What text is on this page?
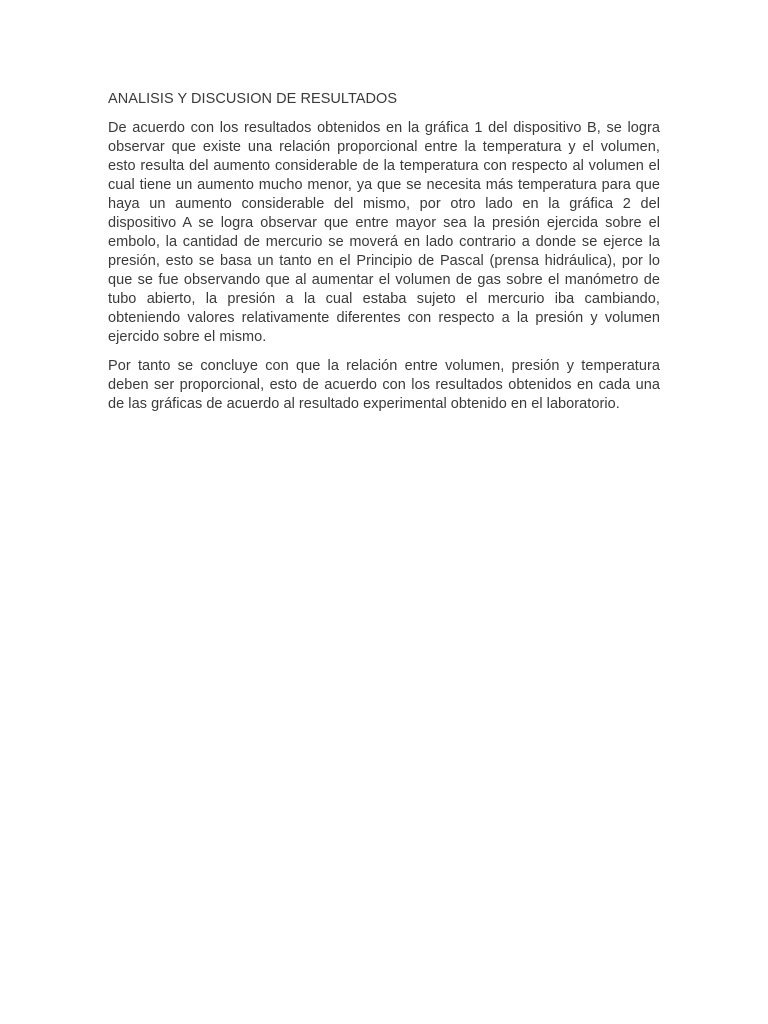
ANALISIS Y DISCUSION DE RESULTADOS

De acuerdo con los resultados obtenidos en la gráfica 1 del dispositivo B, se logra observar que existe una relación proporcional entre la temperatura y el volumen, esto resulta del aumento considerable de la temperatura con respecto al volumen el cual tiene un aumento mucho menor, ya que se necesita más temperatura para que haya un aumento considerable del mismo, por otro lado en la gráfica 2 del dispositivo A se logra observar que entre mayor sea la presión ejercida sobre el embolo, la cantidad de mercurio se moverá en lado contrario a donde se ejerce la presión, esto se basa un tanto en el Principio de Pascal (prensa hidráulica), por lo que se fue observando que al aumentar el volumen de gas sobre el manómetro de tubo abierto, la presión a la cual estaba sujeto el mercurio iba cambiando, obteniendo valores relativamente diferentes con respecto a la presión y volumen ejercido sobre el mismo.

Por tanto se concluye con que la relación entre volumen, presión y temperatura deben ser proporcional, esto de acuerdo con los resultados obtenidos en cada una de las gráficas de acuerdo al resultado experimental obtenido en el laboratorio.
